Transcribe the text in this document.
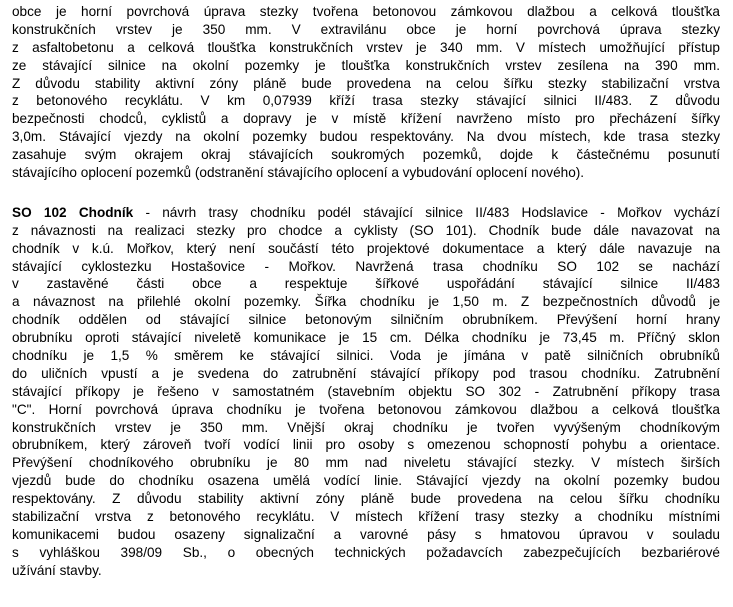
obce je horní povrchová úprava stezky tvořena betonovou zámkovou dlažbou a celková tloušťka
konstrukčních vrstev je 350 mm. V extravilánu obce je horní povrchová úprava stezky
z asfaltobetonu a celková tloušťka konstrukčních vrstev je 340 mm. V místech umožňující přístup
ze stávající silnice na okolní pozemky je tloušťka konstrukčních vrstev zesílena na 390 mm.
Z důvodu stability aktivní zóny pláně bude provedena na celou šířku stezky stabilizační vrstva
z betonového recyklátu. V km 0,07939 kříží trasa stezky stávající silnici II/483. Z důvodu
bezpečnosti chodců, cyklistů a dopravy je v místě křížení navrženo místo pro přecházení šířky
3,0m. Stávající vjezdy na okolní pozemky budou respektovány. Na dvou místech, kde trasa stezky
zasahuje svým okrajem okraj stávajících soukromých pozemků, dojde k částečnému posunutí
stávajícího oplocení pozemků (odstranění stávajícího oplocení a vybudování oplocení nového).
SO 102 Chodník - návrh trasy chodníku podél stávající silnice II/483 Hodslavice - Mořkov vychází
z návaznosti na realizaci stezky pro chodce a cyklisty (SO 101). Chodník bude dále navazovat na
chodník v k.ú. Mořkov, který není součástí této projektové dokumentace a který dále navazuje na
stávající cyklostezku Hostašovice - Mořkov. Navržená trasa chodníku SO 102 se nachází
v zastavěné části obce a respektuje šířkové uspořádání stávající silnice II/483
a návaznost na přilehlé okolní pozemky. Šířka chodníku je 1,50 m. Z bezpečnostních důvodů je
chodník oddělen od stávající silnice betonovým silničním obrubníkem. Převýšení horní hrany
obrubníku oproti stávající niveletě komunikace je 15 cm. Délka chodníku je 73,45 m. Příčný sklon
chodníku je 1,5 % směrem ke stávající silnici. Voda je jímána v patě silničních obrubníků
do uličních vpustí a je svedena do zatrubnění stávající příkopy pod trasou chodníku. Zatrubnění
stávající příkopy je řešeno v samostatném (stavebním objektu SO 302 - Zatrubnění příkopy trasa
"C". Horní povrchová úprava chodníku je tvořena betonovou zámkovou dlažbou a celková tloušťka
konstrukčních vrstev je 350 mm. Vnější okraj chodníku je tvořen vyvýšeným chodníkovým
obrubníkem, který zároveň tvoří vodící linii pro osoby s omezenou schopností pohybu a orientace.
Převýšení chodníkového obrubníku je 80 mm nad niveletu stávající stezky. V místech širších
vjezdů bude do chodníku osazena umělá vodící linie. Stávající vjezdy na okolní pozemky budou
respektovány. Z důvodu stability aktivní zóny pláně bude provedena na celou šířku chodníku
stabilizační vrstva z betonového recyklátu. V místech křížení trasy stezky a chodníku místními
komunikacemi budou osazeny signalizační a varovné pásy s hmatovou úpravou v souladu
s vyhláškou 398/09 Sb., o obecných technických požadavcích zabezpečujících bezbariérové
užívání stavby.
